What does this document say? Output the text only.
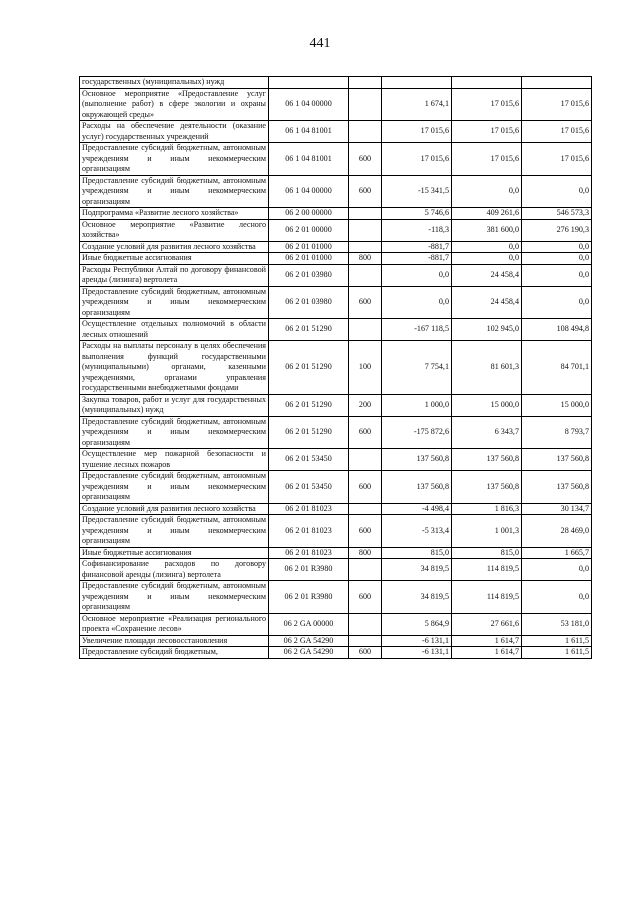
441
государственных (муниципальных) нужд					
Основное мероприятие «Предоставление услуг (выполнение работ) в сфере экологии и охраны окружающей среды»	06 1 04 00000		1 674,1	17 015,6	17 015,6
Расходы на обеспечение деятельности (оказание услуг) государственных учреждений	06 1 04 81001		17 015,6	17 015,6	17 015,6
Предоставление субсидий бюджетным, автономным учреждениям и иным некоммерческим организациям	06 1 04 81001	600	17 015,6	17 015,6	17 015,6
Предоставление субсидий бюджетным, автономным учреждениям и иным некоммерческим организациям	06 1 04 00000	600	-15 341,5	0,0	0,0
Подпрограмма «Развитие лесного хозяйства»	06 2 00 00000		5 746,6	409 261,6	546 573,3
Основное мероприятие «Развитие лесного хозяйства»	06 2 01 00000		-118,3	381 600,0	276 190,3
Создание условий для развития лесного хозяйства	06 2 01 01000		-881,7	0,0	0,0
Иные бюджетные ассигнования	06 2 01 01000	800	-881,7	0,0	0,0
Расходы Республики Алтай по договору финансовой аренды (лизинга) вертолета	06 2 01 03980		0,0	24 458,4	0,0
Предоставление субсидий бюджетным, автономным учреждениям и иным некоммерческим организациям	06 2 01 03980	600	0,0	24 458,4	0,0
Осуществление отдельных полномочий в области лесных отношений	06 2 01 51290		-167 118,5	102 945,0	108 494,8
Расходы на выплаты персоналу в целях обеспечения выполнения функций государственными (муниципальными) органами, казенными учреждениями, органами управления государственными внебюджетными фондами	06 2 01 51290	100	7 754,1	81 601,3	84 701,1
Закупка товаров, работ и услуг для государственных (муниципальных) нужд	06 2 01 51290	200	1 000,0	15 000,0	15 000,0
Предоставление субсидий бюджетным, автономным учреждениям и иным некоммерческим организациям	06 2 01 51290	600	-175 872,6	6 343,7	8 793,7
Осуществление мер пожарной безопасности и тушение лесных пожаров	06 2 01 53450		137 560,8	137 560,8	137 560,8
Предоставление субсидий бюджетным, автономным учреждениям и иным некоммерческим организациям	06 2 01 53450	600	137 560,8	137 560,8	137 560,8
Создание условий для развития лесного хозяйства	06 2 01 81023		-4 498,4	1 816,3	30 134,7
Предоставление субсидий бюджетным, автономным учреждениям и иным некоммерческим организациям	06 2 01 81023	600	-5 313,4	1 001,3	28 469,0
Иные бюджетные ассигнования	06 2 01 81023	800	815,0	815,0	1 665,7
Софинансирование расходов по договору финансовой аренды (лизинга) вертолета	06 2 01 R3980		34 819,5	114 819,5	0,0
Предоставление субсидий бюджетным, автономным учреждениям и иным некоммерческим организациям	06 2 01 R3980	600	34 819,5	114 819,5	0,0
Основное мероприятие «Реализация регионального проекта «Сохранение лесов»	06 2 GA 00000		5 864,9	27 661,6	53 181,0
Увеличение площади лесовосстановления	06 2 GA 54290		-6 131,1	1 614,7	1 611,5
Предоставление субсидий бюджетным,	06 2 GA 54290	600	-6 131,1	1 614,7	1 611,5
